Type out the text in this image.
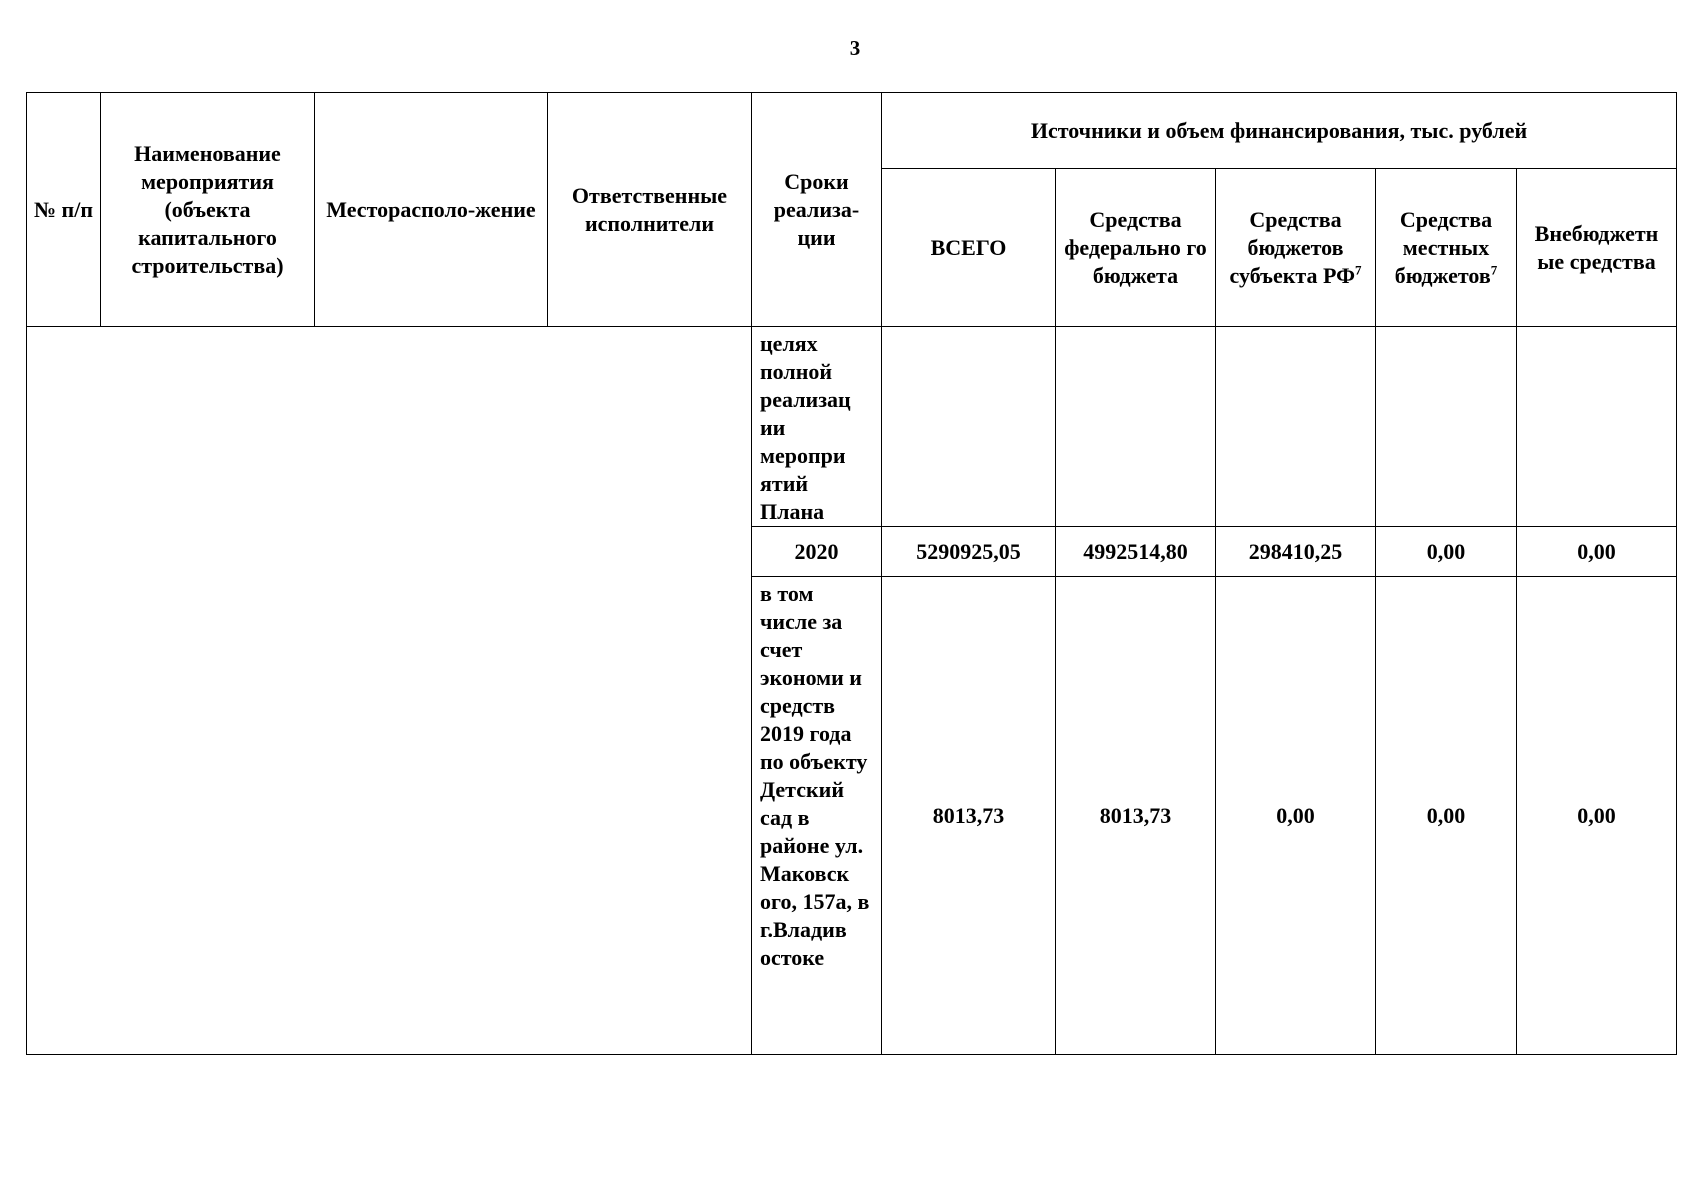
3
№ п/п	Наименование мероприятия (объекта капитального строительства)	Месторасполо-жение	Ответственные исполнители	Сроки реализа-ции	Источники и объем финансирования, тыс. рублей				
					ВСЕГО	Средства федерально го бюджета	Средства бюджетов субъекта $РФ^7$	Средства местных бюджетов$^7$	Внебюджетн ые средства
				целях полной реализац ии меропри ятий Плана					
				2020	5290925,05	4992514,80	298410,25	0,00	0,00
				в том числе за счет экономи и средств 2019 года по объекту Детский сад в районе ул. Маковск ого, 157а, в г.Владив остоке	8013,73	8013,73	0,00	0,00	0,00
